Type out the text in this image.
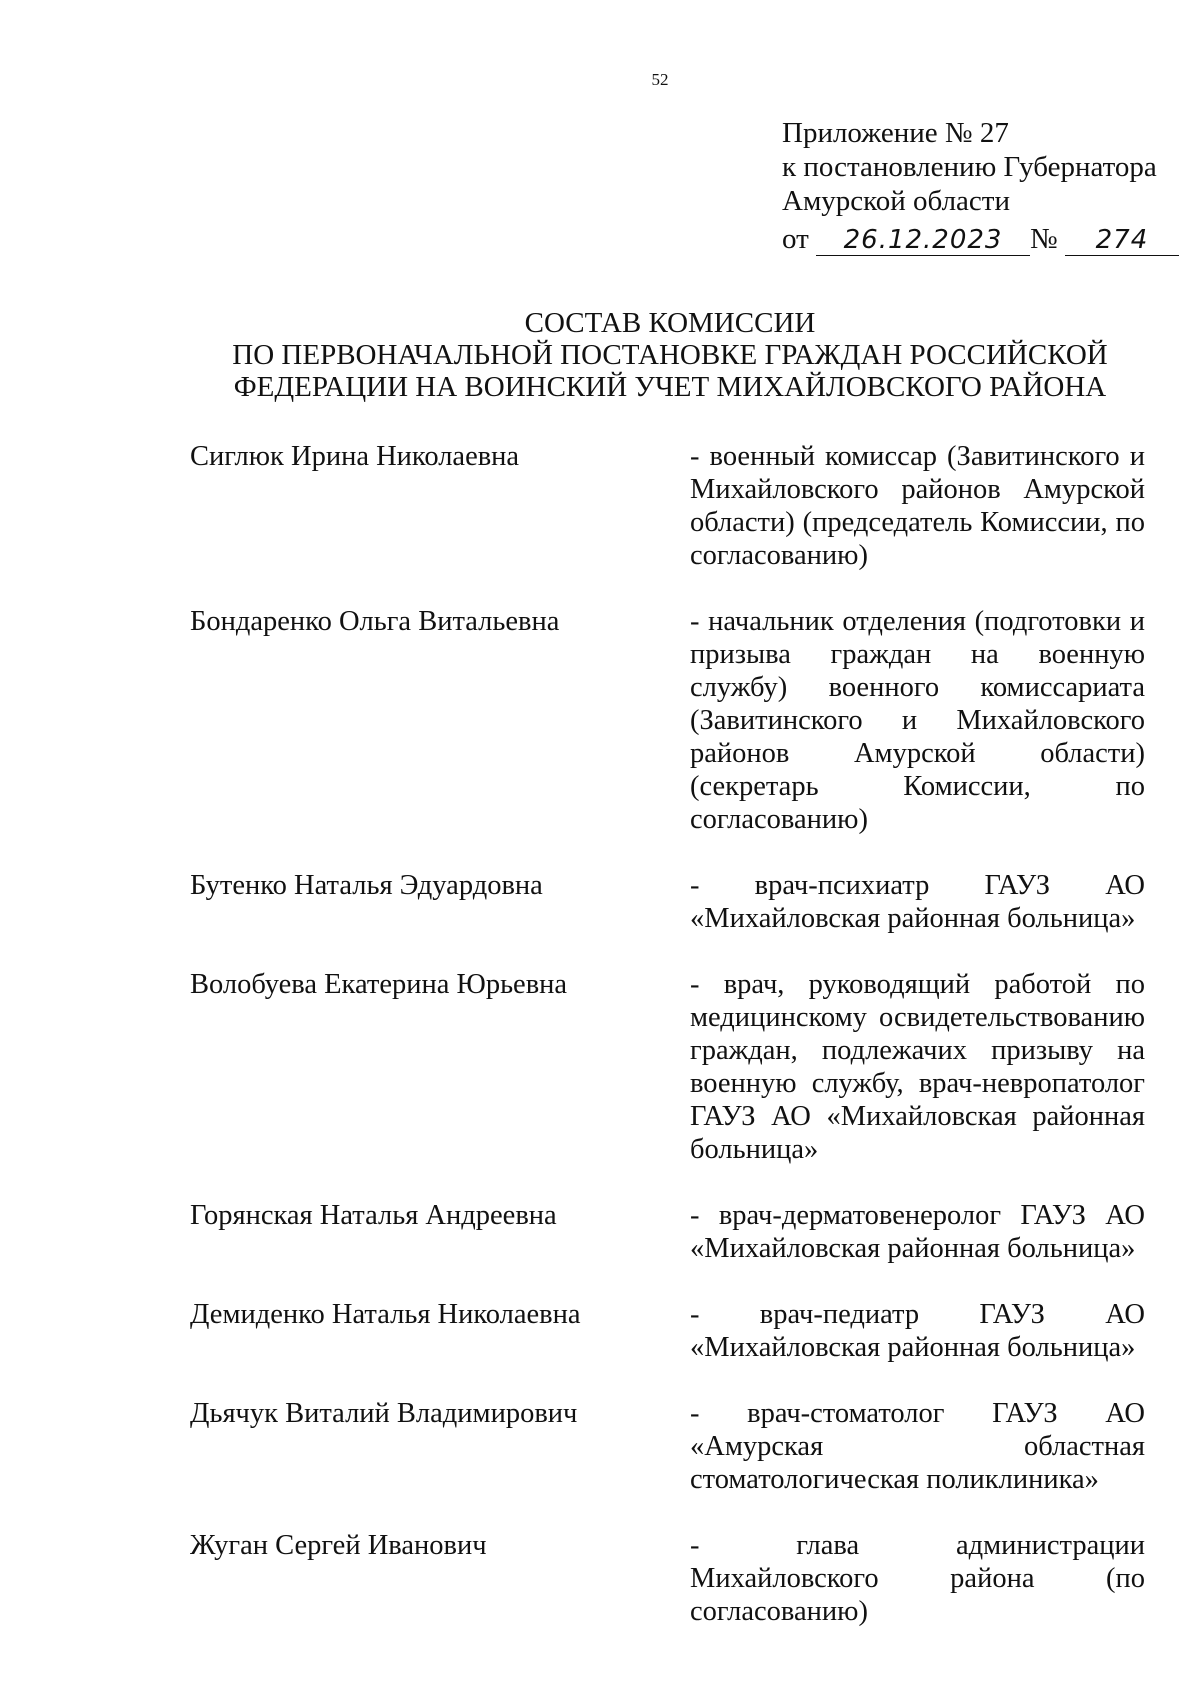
52
Приложение № 27
к постановлению Губернатора
Амурской области
от 26.12.2023 № 274
СОСТАВ КОМИССИИ
ПО ПЕРВОНАЧАЛЬНОЙ ПОСТАНОВКЕ ГРАЖДАН РОССИЙСКОЙ
ФЕДЕРАЦИИ НА ВОИНСКИЙ УЧЕТ МИХАЙЛОВСКОГО РАЙОНА
Сиглюк Ирина Николаевна	- военный комиссар (Завитинского и Михайловского районов Амурской области) (председатель Комиссии, по согласованию)
Бондаренко Ольга Витальевна	- начальник отделения (подготовки и призыва граждан на военную службу) военного комиссариата (Завитинского и Михайловского районов Амурской области) (секретарь Комиссии, по согласованию)
Бутенко Наталья Эдуардовна	- врач-психиатр ГАУЗ АО «Михайловская районная больница»
Волобуева Екатерина Юрьевна	- врач, руководящий работой по медицинскому освидетельствованию граждан, подлежачих призыву на военную службу, врач-невропатолог ГАУЗ АО «Михайловская районная больница»
Горянская Наталья Андреевна	- врач-дерматовенеролог ГАУЗ АО «Михайловская районная больница»
Демиденко Наталья Николаевна	- врач-педиатр ГАУЗ АО «Михайловская районная больница»
Дьячук Виталий Владимирович	- врач-стоматолог ГАУЗ АО «Амурская областная стоматологическая поликлиника»
Жуган Сергей Иванович	- глава администрации Михайловского района (по согласованию)
